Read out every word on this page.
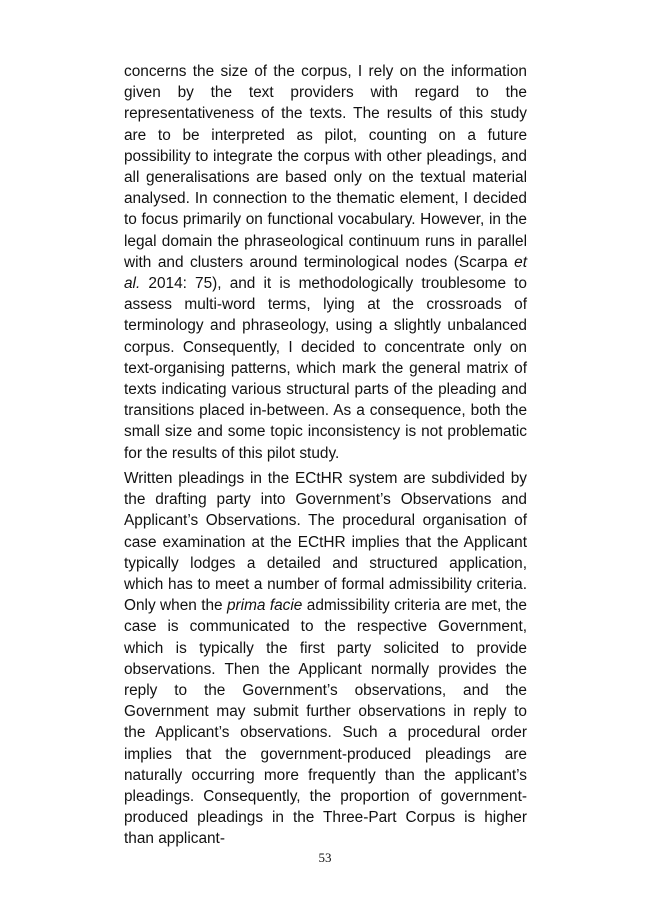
concerns the size of the corpus, I rely on the information given by the text providers with regard to the representativeness of the texts. The results of this study are to be interpreted as pilot, counting on a future possibility to integrate the corpus with other pleadings, and all generalisations are based only on the textual material analysed. In connection to the thematic element, I decided to focus primarily on functional vocabulary. However, in the legal domain the phraseological continuum runs in parallel with and clusters around terminological nodes (Scarpa et al. 2014: 75), and it is methodologically troublesome to assess multi-word terms, lying at the crossroads of terminology and phraseology, using a slightly unbalanced corpus. Consequently, I decided to concentrate only on text-organising patterns, which mark the general matrix of texts indicating various structural parts of the pleading and transitions placed in-between. As a consequence, both the small size and some topic inconsistency is not problematic for the results of this pilot study.

Written pleadings in the ECtHR system are subdivided by the drafting party into Government’s Observations and Applicant’s Observations. The procedural organisation of case examination at the ECtHR implies that the Applicant typically lodges a detailed and structured application, which has to meet a number of formal admissibility criteria. Only when the prima facie admissibility criteria are met, the case is communicated to the respective Government, which is typically the first party solicited to provide observations. Then the Applicant normally provides the reply to the Government’s observations, and the Government may submit further observations in reply to the Applicant’s observations. Such a procedural order implies that the government-produced pleadings are naturally occurring more frequently than the applicant’s pleadings. Consequently, the proportion of government-produced pleadings in the Three-Part Corpus is higher than applicant-

53
